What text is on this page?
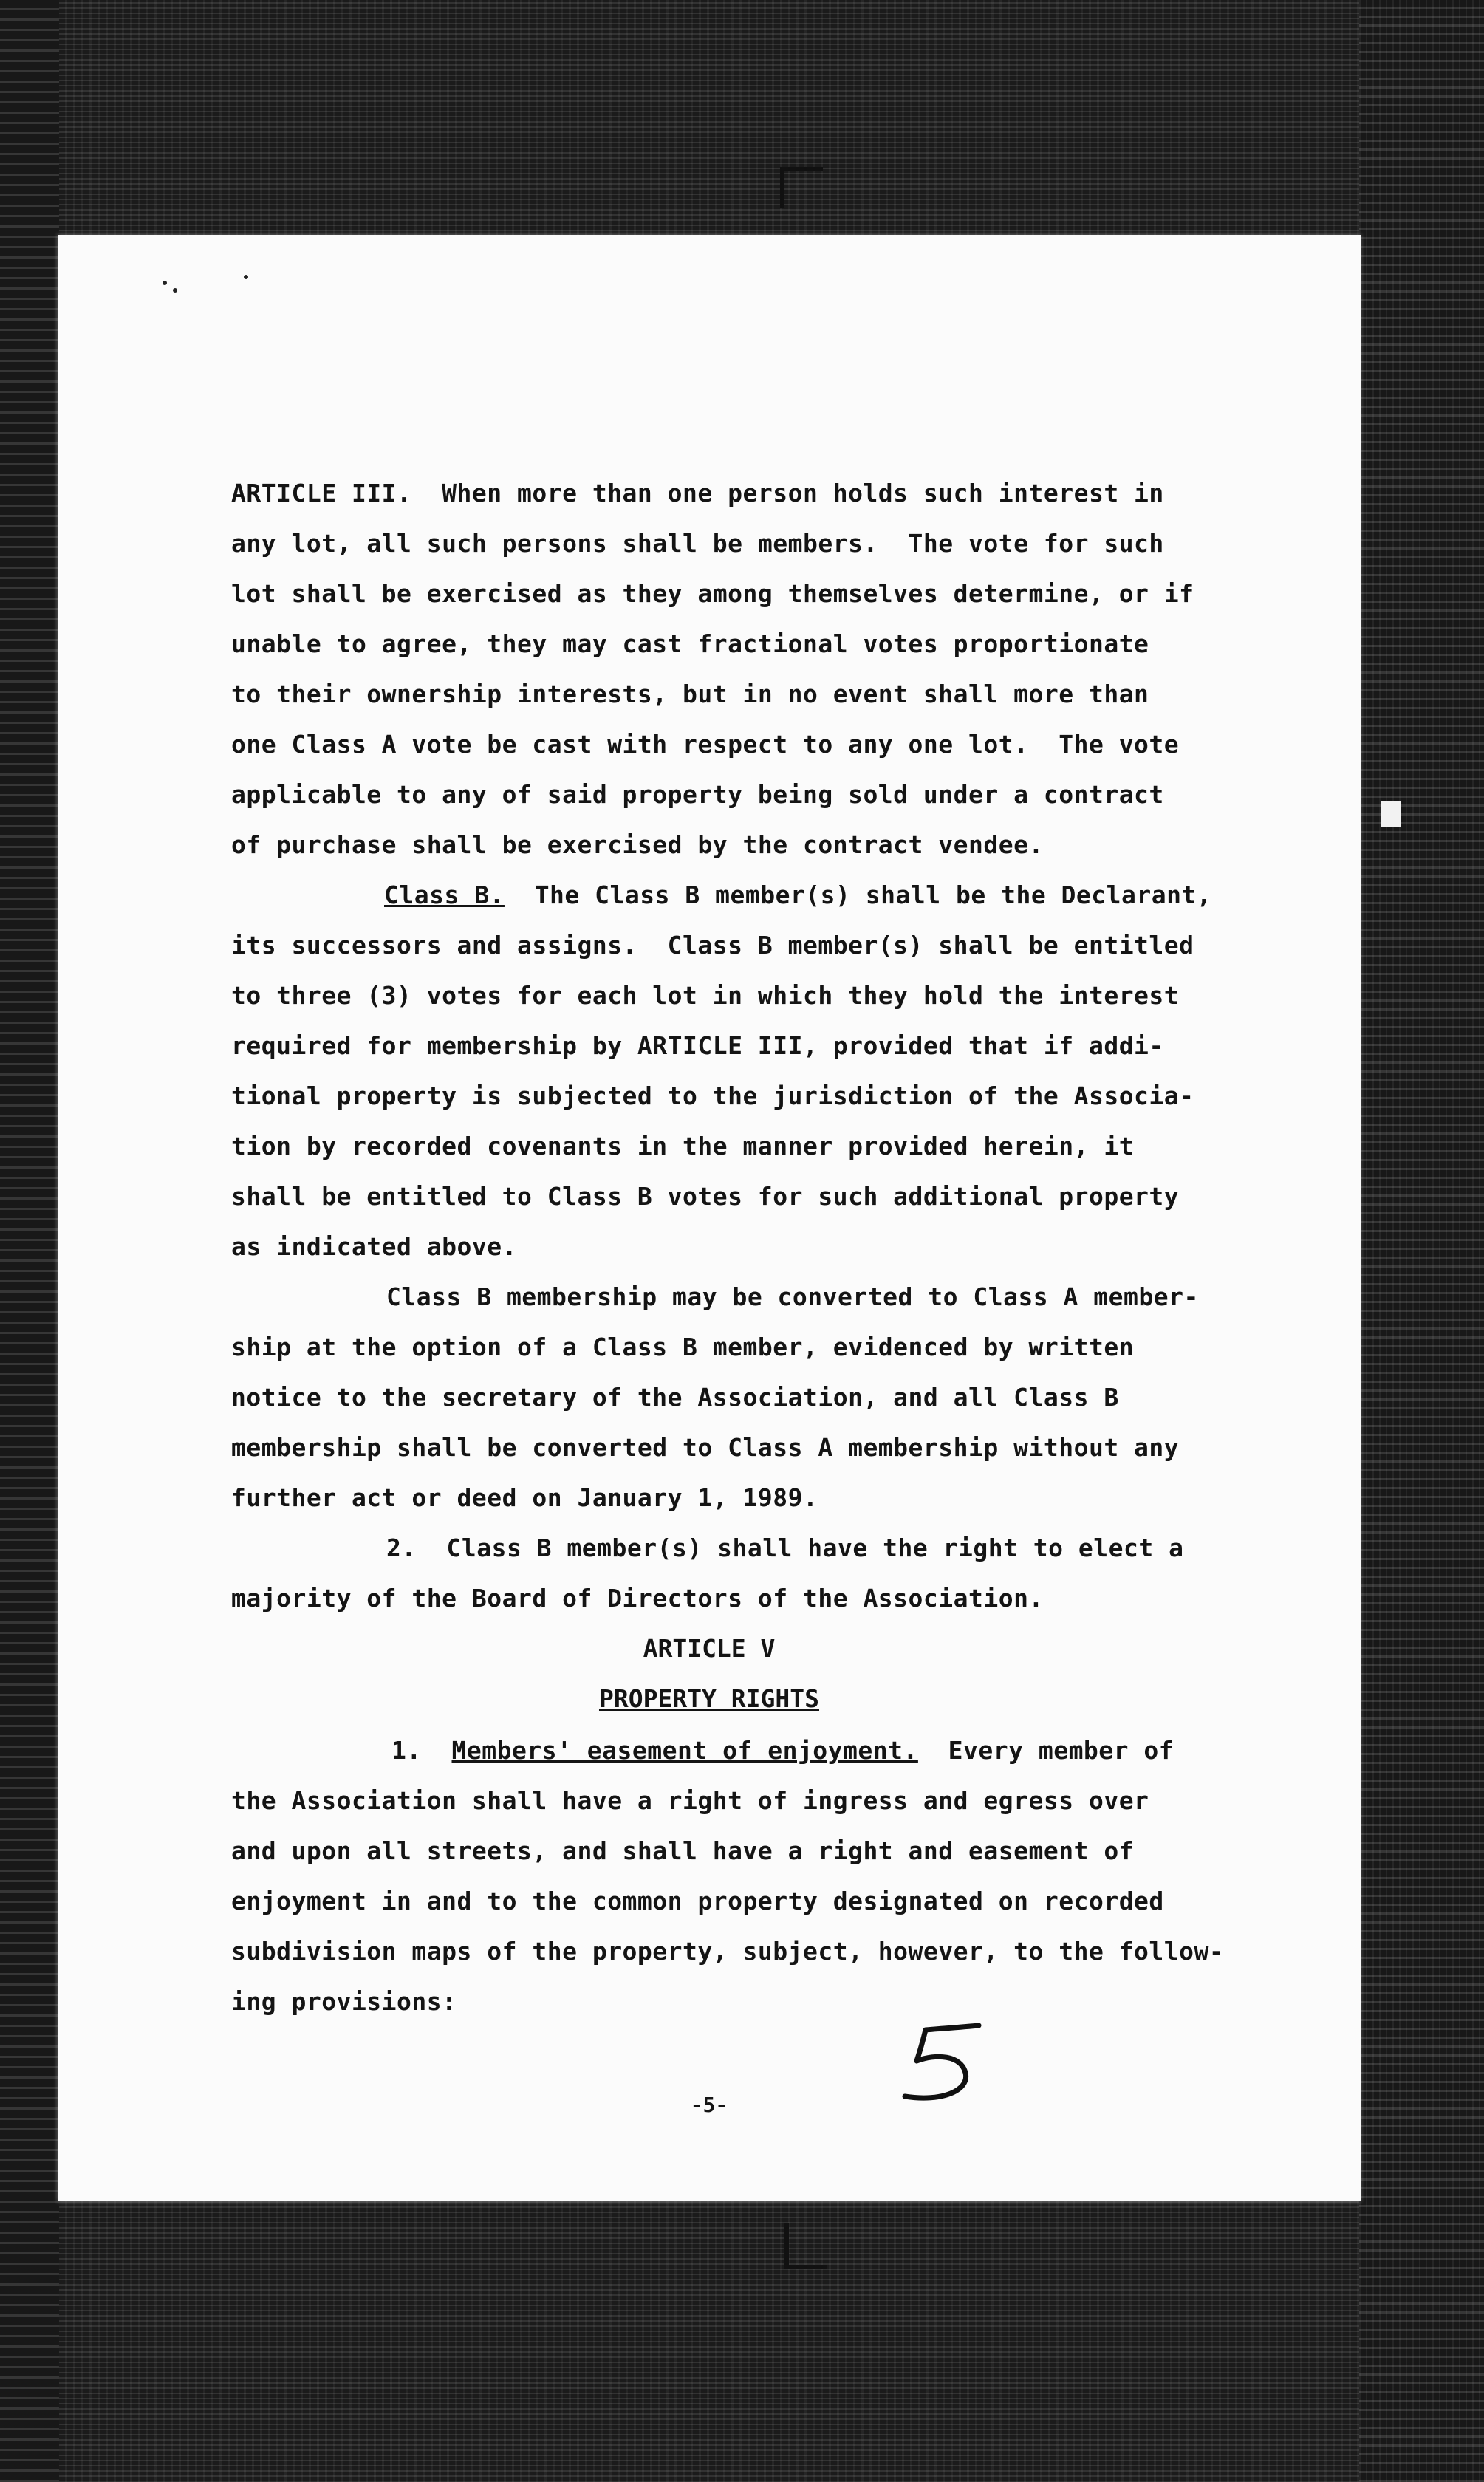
ARTICLE III.  When more than one person holds such interest in
any lot, all such persons shall be members.  The vote for such
lot shall be exercised as they among themselves determine, or if
unable to agree, they may cast fractional votes proportionate
to their ownership interests, but in no event shall more than
one Class A vote be cast with respect to any one lot.  The vote
applicable to any of said property being sold under a contract
of purchase shall be exercised by the contract vendee.
Class B.  The Class B member(s) shall be the Declarant,
its successors and assigns.  Class B member(s) shall be entitled
to three (3) votes for each lot in which they hold the interest
required for membership by ARTICLE III, provided that if addi-
tional property is subjected to the jurisdiction of the Associa-
tion by recorded covenants in the manner provided herein, it
shall be entitled to Class B votes for such additional property
as indicated above.
Class B membership may be converted to Class A member-
ship at the option of a Class B member, evidenced by written
notice to the secretary of the Association, and all Class B
membership shall be converted to Class A membership without any
further act or deed on January 1, 1989.
2.  Class B member(s) shall have the right to elect a
majority of the Board of Directors of the Association.
ARTICLE V
PROPERTY RIGHTS
1.  Members' easement of enjoyment.  Every member of
the Association shall have a right of ingress and egress over
and upon all streets, and shall have a right and easement of
enjoyment in and to the common property designated on recorded
subdivision maps of the property, subject, however, to the follow-
ing provisions:
-5-
